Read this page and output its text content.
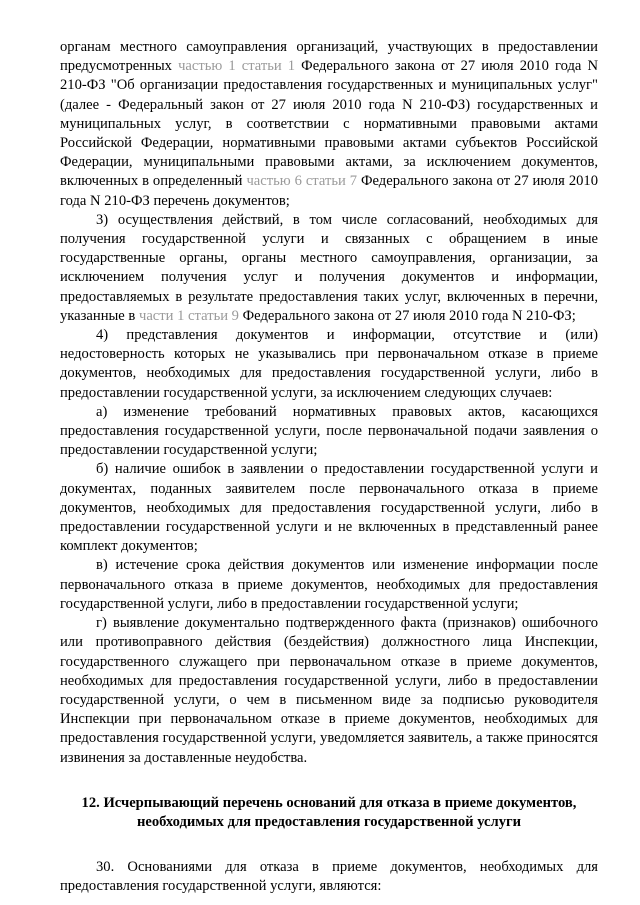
органам местного самоуправления организаций, участвующих в предоставлении предусмотренных частью 1 статьи 1 Федерального закона от 27 июля 2010 года N 210-ФЗ "Об организации предоставления государственных и муниципальных услуг" (далее - Федеральный закон от 27 июля 2010 года N 210-ФЗ) государственных и муниципальных услуг, в соответствии с нормативными правовыми актами Российской Федерации, нормативными правовыми актами субъектов Российской Федерации, муниципальными правовыми актами, за исключением документов, включенных в определенный частью 6 статьи 7 Федерального закона от 27 июля 2010 года N 210-ФЗ перечень документов;

3) осуществления действий, в том числе согласований, необходимых для получения государственной услуги и связанных с обращением в иные государственные органы, органы местного самоуправления, организации, за исключением получения услуг и получения документов и информации, предоставляемых в результате предоставления таких услуг, включенных в перечни, указанные в части 1 статьи 9 Федерального закона от 27 июля 2010 года N 210-ФЗ;

4) представления документов и информации, отсутствие и (или) недостоверность которых не указывались при первоначальном отказе в приеме документов, необходимых для предоставления государственной услуги, либо в предоставлении государственной услуги, за исключением следующих случаев:

а) изменение требований нормативных правовых актов, касающихся предоставления государственной услуги, после первоначальной подачи заявления о предоставлении государственной услуги;

б) наличие ошибок в заявлении о предоставлении государственной услуги и документах, поданных заявителем после первоначального отказа в приеме документов, необходимых для предоставления государственной услуги, либо в предоставлении государственной услуги и не включенных в представленный ранее комплект документов;

в) истечение срока действия документов или изменение информации после первоначального отказа в приеме документов, необходимых для предоставления государственной услуги, либо в предоставлении государственной услуги;

г) выявление документально подтвержденного факта (признаков) ошибочного или противоправного действия (бездействия) должностного лица Инспекции, государственного служащего при первоначальном отказе в приеме документов, необходимых для предоставления государственной услуги, либо в предоставлении государственной услуги, о чем в письменном виде за подписью руководителя Инспекции при первоначальном отказе в приеме документов, необходимых для предоставления государственной услуги, уведомляется заявитель, а также приносятся извинения за доставленные неудобства.

12. Исчерпывающий перечень оснований для отказа в приеме документов, необходимых для предоставления государственной услуги

30. Основаниями для отказа в приеме документов, необходимых для предоставления государственной услуги, являются:
